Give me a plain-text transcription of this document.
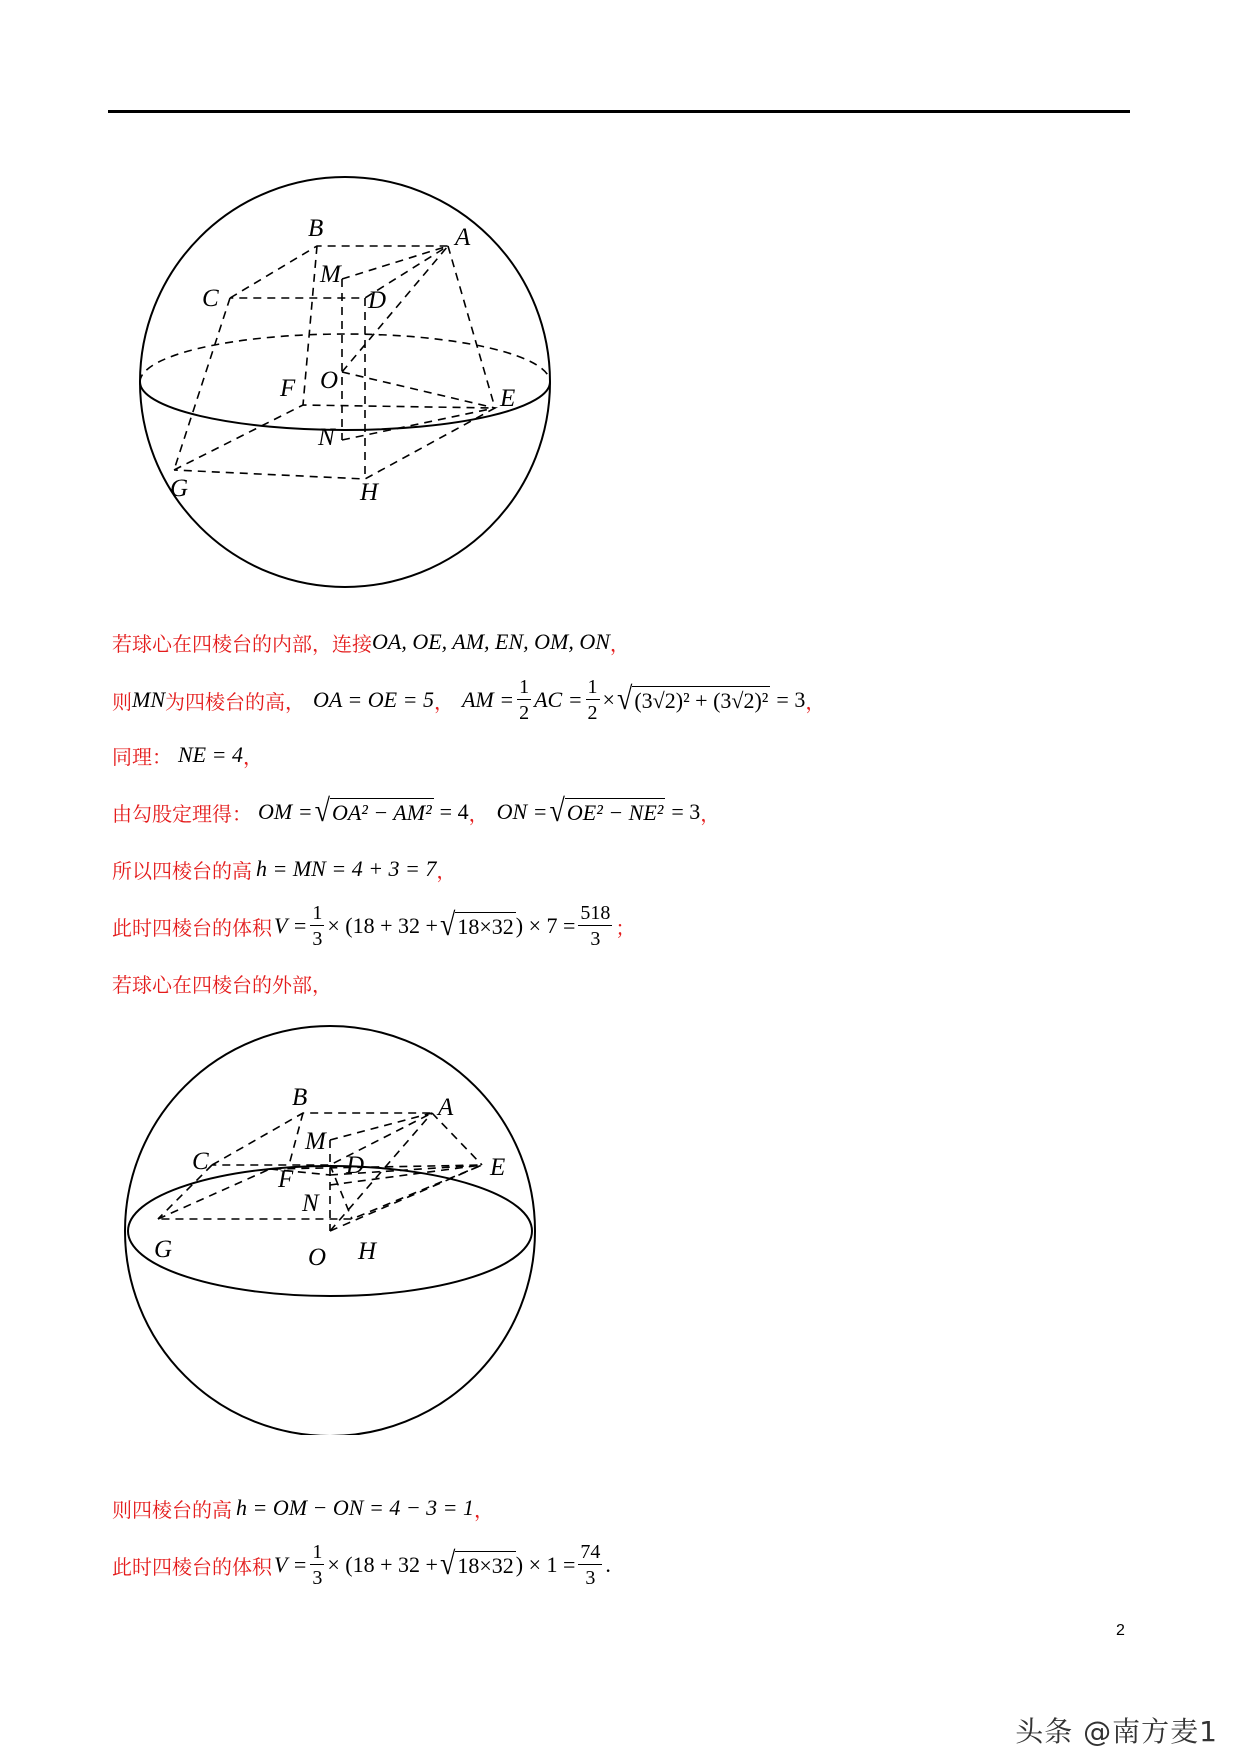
B	A
M
C	D
F O
E
N
G	H
若球心在四棱台的内部，连接 OA, OE, AM, EN, OM, ON ，
则 MN 为四棱台的高， OA = OE = 5 ， AM = $\frac{1}{2}$ AC = $\frac{1}{2}$ × √ (3√2)² + (3√2)² = 3 ，
同理： NE = 4 ，
由勾股定理得： OM = √ OA² − AM² = 4 ， ON = √ OE² − NE² = 3 ，
所以四棱台的高 h = MN = 4 + 3 = 7 ，
此时四棱台的体积 $V = \frac{1}{3} \times (18 + 32$ + √ 18×32 ) × $7 = \frac{518}{3}$ ；
若球心在四棱台的外部，
B	A
M
C	D
F	E
N
G	O H
则四棱台的高 h = OM − ON = 4 − 3 = 1 ，
此时四棱台的体积 $V = \frac{1}{3} \times (18 + 32$ + √ 18×32 ) × $1 = \frac{74}{3}$ .
2
头条 @南方麦1
